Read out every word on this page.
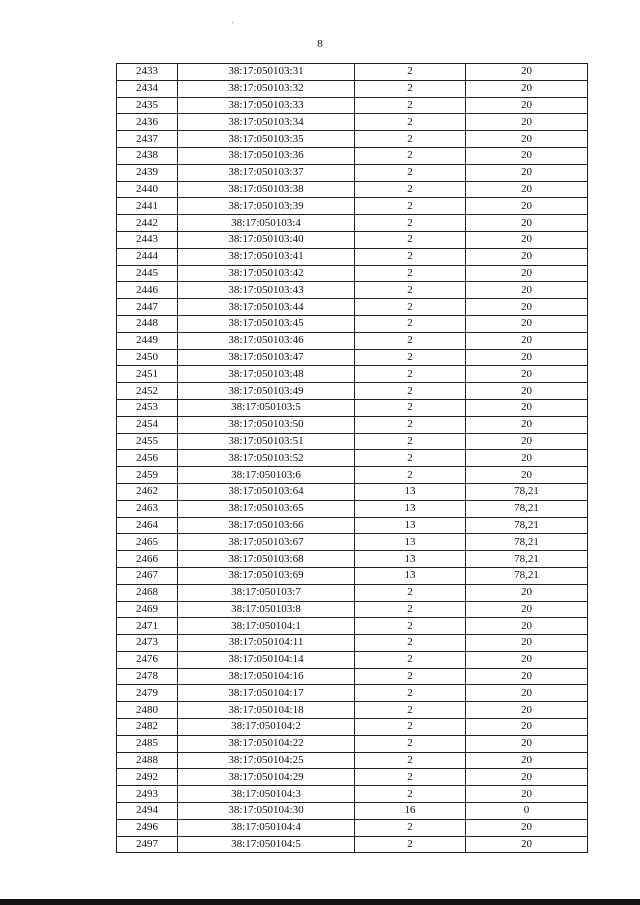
8
2433	38:17:050103:31	2	20
2434	38:17:050103:32	2	20
2435	38:17:050103:33	2	20
2436	38:17:050103:34	2	20
2437	38:17:050103:35	2	20
2438	38:17:050103:36	2	20
2439	38:17:050103:37	2	20
2440	38:17:050103:38	2	20
2441	38:17:050103:39	2	20
2442	38:17:050103:4	2	20
2443	38:17:050103:40	2	20
2444	38:17:050103:41	2	20
2445	38:17:050103:42	2	20
2446	38:17:050103:43	2	20
2447	38:17:050103:44	2	20
2448	38:17:050103:45	2	20
2449	38:17:050103:46	2	20
2450	38:17:050103:47	2	20
2451	38:17:050103:48	2	20
2452	38:17:050103:49	2	20
2453	38:17:050103:5	2	20
2454	38:17:050103:50	2	20
2455	38:17:050103:51	2	20
2456	38:17:050103:52	2	20
2459	38:17:050103:6	2	20
2462	38:17:050103:64	13	78,21
2463	38:17:050103:65	13	78,21
2464	38:17:050103:66	13	78,21
2465	38:17:050103:67	13	78,21
2466	38:17:050103:68	13	78,21
2467	38:17:050103:69	13	78,21
2468	38:17:050103:7	2	20
2469	38:17:050103:8	2	20
2471	38:17:050104:1	2	20
2473	38:17:050104:11	2	20
2476	38:17:050104:14	2	20
2478	38:17:050104:16	2	20
2479	38:17:050104:17	2	20
2480	38:17:050104:18	2	20
2482	38:17:050104:2	2	20
2485	38:17:050104:22	2	20
2488	38:17:050104:25	2	20
2492	38:17:050104:29	2	20
2493	38:17:050104:3	2	20
2494	38:17:050104:30	16	0
2496	38:17:050104:4	2	20
2497	38:17:050104:5	2	20
